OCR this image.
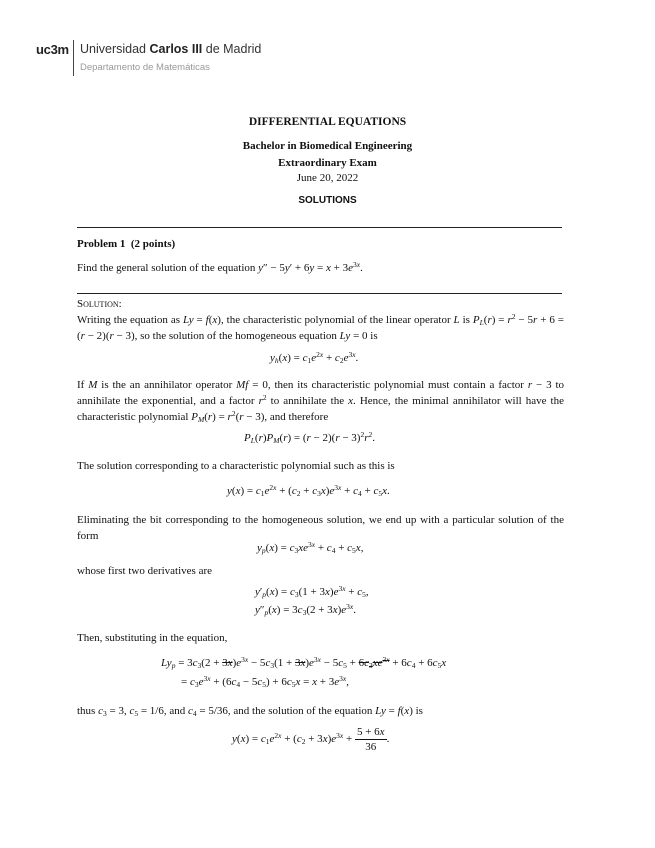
uc3m Universidad Carlos III de Madrid
Departamento de Matemáticas
DIFFERENTIAL EQUATIONS
Bachelor in Biomedical Engineering
Extraordinary Exam
June 20, 2022
SOLUTIONS
Problem 1 (2 points)
Find the general solution of the equation $y'' - 5y' + 6y = x + 3e^{3x}$.
Solution:
Writing the equation as Ly = f(x), the characteristic polynomial of the linear operator L is $P_L(r) = r^2 - 5r + 6 = (r - 2)(r - 3)$, so the solution of the homogeneous equation Ly = 0 is
$y_h(x) = c_1e^{2x} + c_2e^{3x}$.
If M is the an annihilator operator Mf = 0, then its characteristic polynomial must contain a factor r − 3 to annihilate the exponential, and a factor $r^2$ to annihilate the x. Hence, the minimal annihilator will have the characteristic polynomial $P_M(r) = r^2(r - 3)$, and therefore
$P_L(r)P_M(r) = (r - 2)(r - 3)^2r^2$.
The solution corresponding to a characteristic polynomial such as this is
$y(x) = c_1e^{2x} + (c_2 + c_3x)e^{3x} + c_4 + c_5x$.
Eliminating the bit corresponding to the homogeneous solution, we end up with a particular solution of the form
$y_p(x) = c_3xe^{3x} + c_4 + c_5x$,
whose first two derivatives are
$y'_p(x) = c_3(1 + 3x)e^{3x} + c_5$,
$y''_p(x) = 3c_3(2 + 3x)e^{3x}$.
Then, substituting in the equation,
$Ly_p = 3c_3(2 + 3x)e^{3x} - 5c_3(1 + 3x)e^{3x} - 5c_5 + 6c_3xe^{3x} + 6c_4 + 6c_5x$
= $c_3e^{3x} + (6c_4 - 5c_5) + 6c_5x = x + 3e^{3x}$,
thus $c_3 = 3$, $c_5 = 1/6$, and $c_4 = 5/36$, and the solution of the equation Ly = f(x) is
$y(x) = c_1e^{2x} + (c_2 + 3x)e^{3x} + \frac{5 + 6x}{36}$ .
